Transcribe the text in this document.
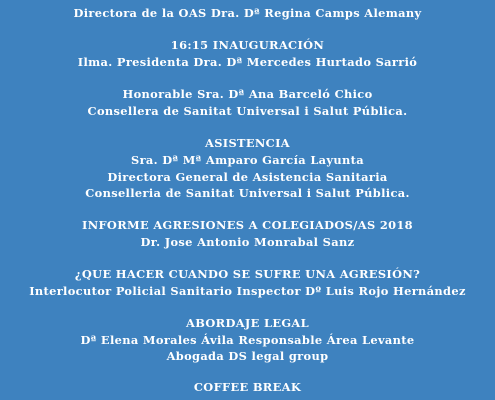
Directora de la OAS Dra. Dª Regina Camps Alemany
16:15 INAUGURACIÓN
Ilma. Presidenta Dra. Dª Mercedes Hurtado Sarrió
Honorable Sra. Dª Ana Barceló Chico
Consellera de Sanitat Universal i Salut Pública.
ASISTENCIA
Sra. Dª Mª Amparo García Layunta
Directora General de Asistencia Sanitaria
Conselleria de Sanitat Universal i Salut Pública.
INFORME AGRESIONES A COLEGIADOS/AS 2018
Dr. Jose Antonio Monrabal Sanz
¿QUE HACER CUANDO SE SUFRE UNA AGRESIÓN?
Interlocutor Policial Sanitario Inspector Dº Luis Rojo Hernández
ABORDAJE LEGAL
Dª Elena Morales Ávila Responsable Área Levante
Abogada DS legal group
COFFEE BREAK
